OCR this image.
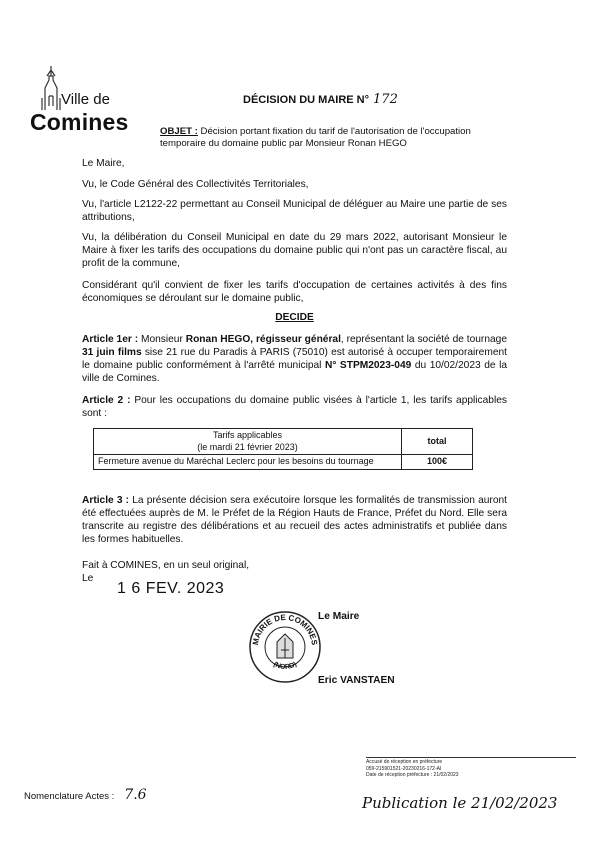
Ville de
Comines
DÉCISION DU MAIRE N° 172
OBJET : Décision portant fixation du tarif de l'autorisation de l'occupation temporaire du domaine public par Monsieur Ronan HEGO
Le Maire,
Vu, le Code Général des Collectivités Territoriales,
Vu, l'article L2122-22 permettant au Conseil Municipal de déléguer au Maire une partie de ses attributions,
Vu, la délibération du Conseil Municipal en date du 29 mars 2022, autorisant Monsieur le Maire à fixer les tarifs des occupations du domaine public qui n'ont pas un caractère fiscal, au profit de la commune,
Considérant qu'il convient de fixer les tarifs d'occupation de certaines activités à des fins économiques se déroulant sur le domaine public,
DECIDE
Article 1er : Monsieur Ronan HEGO, régisseur général, représentant la société de tournage 31 juin films sise 21 rue du Paradis à PARIS (75010) est autorisé à occuper temporairement le domaine public conformément à l'arrêté municipal N° STPM2023-049 du 10/02/2023 de la ville de Comines.
Article 2 : Pour les occupations du domaine public visées à l'article 1, les tarifs applicables sont :
Tarifs applicables
(le mardi 21 février 2023)	total
Fermeture avenue du Maréchal Leclerc pour les besoins du tournage	100€
Article 3 : La présente décision sera exécutoire lorsque les formalités de transmission auront été effectuées auprès de M. le Préfet de la Région Hauts de France, Préfet du Nord. Elle sera transcrite au registre des délibérations et au recueil des actes administratifs et publiée dans les formes habituelles.
Fait à COMINES, en un seul original,
Le
1 6 FEV. 2023
Le Maire
MAIRIE DE COMINES
(NORD)
Eric VANSTAEN
Accusé de réception en préfecture
059-215901521-20230216-172-AI
Date de réception préfecture : 21/02/2023
Nomenclature Actes : 7.6	Publication le 21/02/2023
